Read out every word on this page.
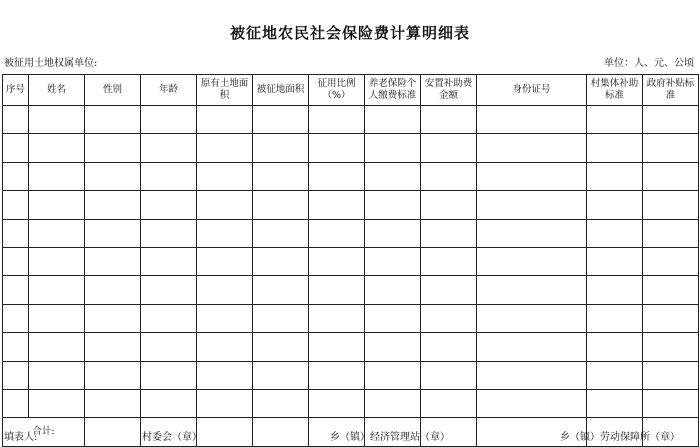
被征地农民社会保险费计算明细表
被征用土地权属单位:	单位：人、元、公顷
序号	姓名	性别	年龄	原有土地面积	被征地面积	征用比例（%）	养老保险个人缴费标准	安置补助费金额	身份证号	村集体补助标准	政府补贴标准

合计:											
填表人:	村委会（章）	乡（镇）经济管理站（章）	乡（镇）劳动保障所（章）
